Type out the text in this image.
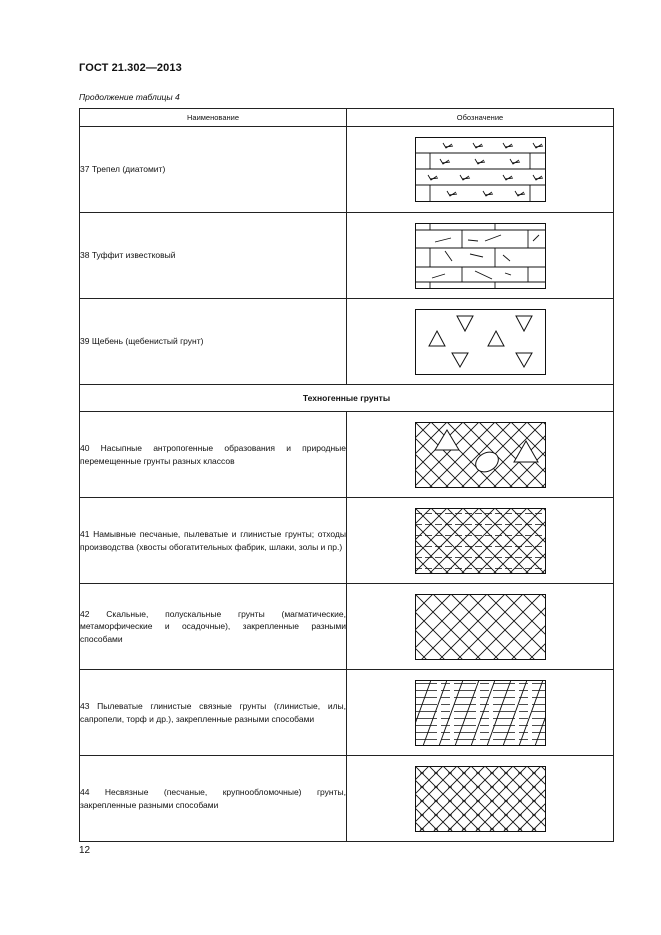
ГОСТ 21.302—2013
Продолжение таблицы 4
Наименование	Обозначение

37 Трепел (диатомит)

38 Туффит известковый

39 Щебень (щебенистый грунт)

Техногенные грунты	

40 Насыпные антропогенные образования и природные перемещенные грунты разных классов

41 Намывные песчаные, пылеватые и глинистые грунты; отходы производства (хвосты обогатительных фабрик, шлаки, золы и пр.)

42 Скальные, полускальные грунты (магматические, метаморфические и осадочные), закрепленные разными способами

43 Пылеватые глинистые связные грунты (глинистые, илы, сапропели, торф и др.), закрепленные разными способами

44 Несвязные (песчаные, крупнообломочные) грунты, закрепленные разными способами

12
